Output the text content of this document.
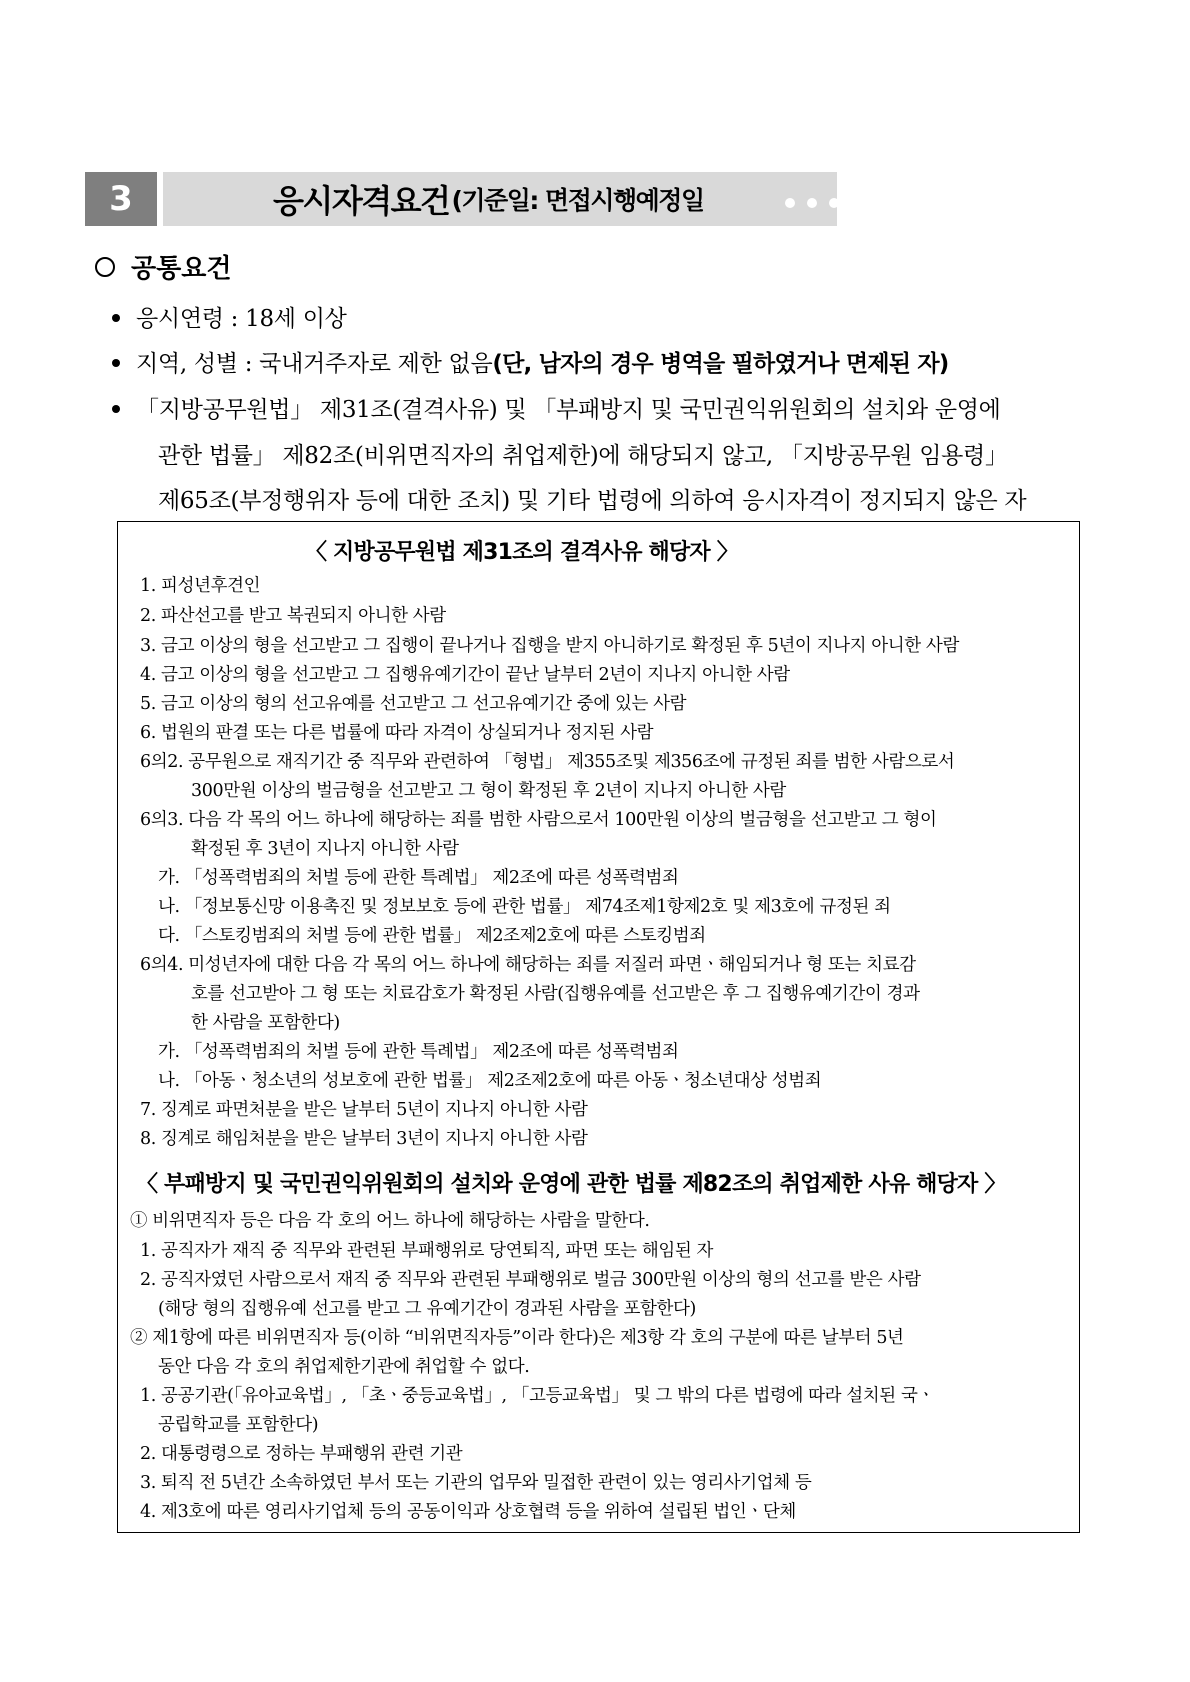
3	응시자격요건 (기준일: 면접시행예정일
공통요건
응시연령 : 18세 이상
지역, 성별 : 국내거주자로 제한 없음(단, 남자의 경우 병역을 필하였거나 면제된 자)
「지방공무원법」 제31조(결격사유) 및 「부패방지 및 국민권익위원회의 설치와 운영에
관한 법률」 제82조(비위면직자의 취업제한)에 해당되지 않고, 「지방공무원 임용령」
제65조(부정행위자 등에 대한 조치) 및 기타 법령에 의하여 응시자격이 정지되지 않은 자
〈 지방공무원법 제31조의 결격사유 해당자 〉
1. 피성년후견인
2. 파산선고를 받고 복권되지 아니한 사람
3. 금고 이상의 형을 선고받고 그 집행이 끝나거나 집행을 받지 아니하기로 확정된 후 5년이 지나지 아니한 사람
4. 금고 이상의 형을 선고받고 그 집행유예기간이 끝난 날부터 2년이 지나지 아니한 사람
5. 금고 이상의 형의 선고유예를 선고받고 그 선고유예기간 중에 있는 사람
6. 법원의 판결 또는 다른 법률에 따라 자격이 상실되거나 정지된 사람
6의2. 공무원으로 재직기간 중 직무와 관련하여 「형법」 제355조및 제356조에 규정된 죄를 범한 사람으로서
300만원 이상의 벌금형을 선고받고 그 형이 확정된 후 2년이 지나지 아니한 사람
6의3. 다음 각 목의 어느 하나에 해당하는 죄를 범한 사람으로서 100만원 이상의 벌금형을 선고받고 그 형이
확정된 후 3년이 지나지 아니한 사람
가. 「성폭력범죄의 처벌 등에 관한 특례법」 제2조에 따른 성폭력범죄
나. 「정보통신망 이용촉진 및 정보보호 등에 관한 법률」 제74조제1항제2호 및 제3호에 규정된 죄
다. 「스토킹범죄의 처벌 등에 관한 법률」 제2조제2호에 따른 스토킹범죄
6의4. 미성년자에 대한 다음 각 목의 어느 하나에 해당하는 죄를 저질러 파면ㆍ해임되거나 형 또는 치료감
호를 선고받아 그 형 또는 치료감호가 확정된 사람(집행유예를 선고받은 후 그 집행유예기간이 경과
한 사람을 포함한다)
가. 「성폭력범죄의 처벌 등에 관한 특례법」 제2조에 따른 성폭력범죄
나. 「아동ㆍ청소년의 성보호에 관한 법률」 제2조제2호에 따른 아동ㆍ청소년대상 성범죄
7. 징계로 파면처분을 받은 날부터 5년이 지나지 아니한 사람
8. 징계로 해임처분을 받은 날부터 3년이 지나지 아니한 사람
〈 부패방지 및 국민권익위원회의 설치와 운영에 관한 법률 제82조의 취업제한 사유 해당자 〉
① 비위면직자 등은 다음 각 호의 어느 하나에 해당하는 사람을 말한다.
1. 공직자가 재직 중 직무와 관련된 부패행위로 당연퇴직, 파면 또는 해임된 자
2. 공직자였던 사람으로서 재직 중 직무와 관련된 부패행위로 벌금 300만원 이상의 형의 선고를 받은 사람
(해당 형의 집행유예 선고를 받고 그 유예기간이 경과된 사람을 포함한다)
② 제1항에 따른 비위면직자 등(이하 “비위면직자등”이라 한다)은 제3항 각 호의 구분에 따른 날부터 5년
동안 다음 각 호의 취업제한기관에 취업할 수 없다.
1. 공공기관(「유아교육법」, 「초ㆍ중등교육법」, 「고등교육법」 및 그 밖의 다른 법령에 따라 설치된 국ㆍ
공립학교를 포함한다)
2. 대통령령으로 정하는 부패행위 관련 기관
3. 퇴직 전 5년간 소속하였던 부서 또는 기관의 업무와 밀접한 관련이 있는 영리사기업체 등
4. 제3호에 따른 영리사기업체 등의 공동이익과 상호협력 등을 위하여 설립된 법인ㆍ단체
